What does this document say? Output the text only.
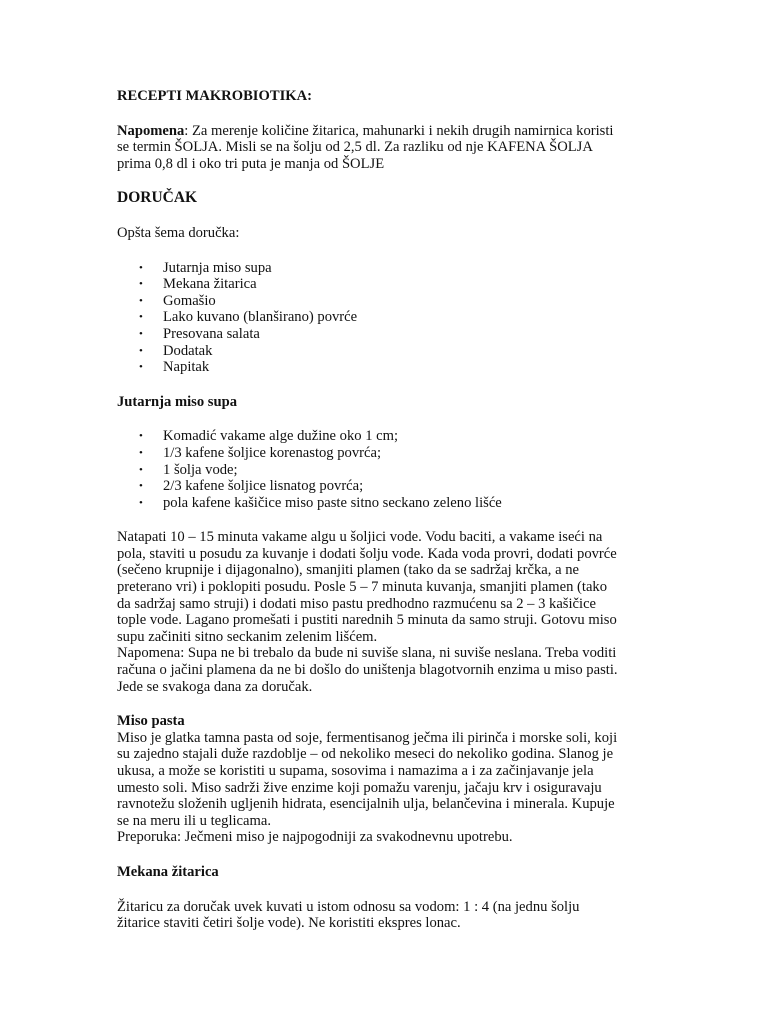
RECEPTI MAKROBIOTIKA:

Napomena: Za merenje količine žitarica, mahunarki i nekih drugih namirnica koristi

se termin ŠOLJA. Misli se na šolju od 2,5 dl. Za razliku od nje KAFENA ŠOLJA

prima 0,8 dl i oko tri puta je manja od ŠOLJE

DORUČAK

Opšta šema doručka:

• Jutarnja miso supa
• Mekana žitarica
• Gomašio
• Lako kuvano (blanširano) povrće
• Presovana salata
• Dodatak
• Napitak

Jutarnja miso supa

• Komadić vakame alge dužine oko 1 cm;
• 1/3 kafene šoljice korenastog povrća;
• 1 šolja vode;
• 2/3 kafene šoljice lisnatog povrća;
• pola kafene kašičice miso paste sitno seckano zeleno lišće

Natapati 10 – 15 minuta vakame algu u šoljici vode. Vodu baciti, a vakame iseći na

pola, staviti u posudu za kuvanje i dodati šolju vode. Kada voda provri, dodati povrće

(sečeno krupnije i dijagonalno), smanjiti plamen (tako da se sadržaj krčka, a ne

preterano vri) i poklopiti posudu. Posle 5 – 7 minuta kuvanja, smanjiti plamen (tako

da sadržaj samo struji) i dodati miso pastu predhodno razmućenu sa 2 – 3 kašičice

tople vode. Lagano promešati i pustiti narednih 5 minuta da samo struji. Gotovu miso

supu začiniti sitno seckanim zelenim lišćem.

Napomena: Supa ne bi trebalo da bude ni suviše slana, ni suviše neslana. Treba voditi

računa o jačini plamena da ne bi došlo do uništenja blagotvornih enzima u miso pasti.

Jede se svakoga dana za doručak.

Miso pasta

Miso je glatka tamna pasta od soje, fermentisanog ječma ili pirinča i morske soli, koji

su zajedno stajali duže razdoblje – od nekoliko meseci do nekoliko godina. Slanog je

ukusa, a može se koristiti u supama, sosovima i namazima a i za začinjavanje jela

umesto soli. Miso sadrži žive enzime koji pomažu varenju, jačaju krv i osiguravaju

ravnotežu složenih ugljenih hidrata, esencijalnih ulja, belančevina i minerala. Kupuje

se na meru ili u teglicama.

Preporuka: Ječmeni miso je najpogodniji za svakodnevnu upotrebu.

Mekana žitarica

Žitaricu za doručak uvek kuvati u istom odnosu sa vodom: 1 : 4 (na jednu šolju

žitarice staviti četiri šolje vode). Ne koristiti ekspres lonac.
